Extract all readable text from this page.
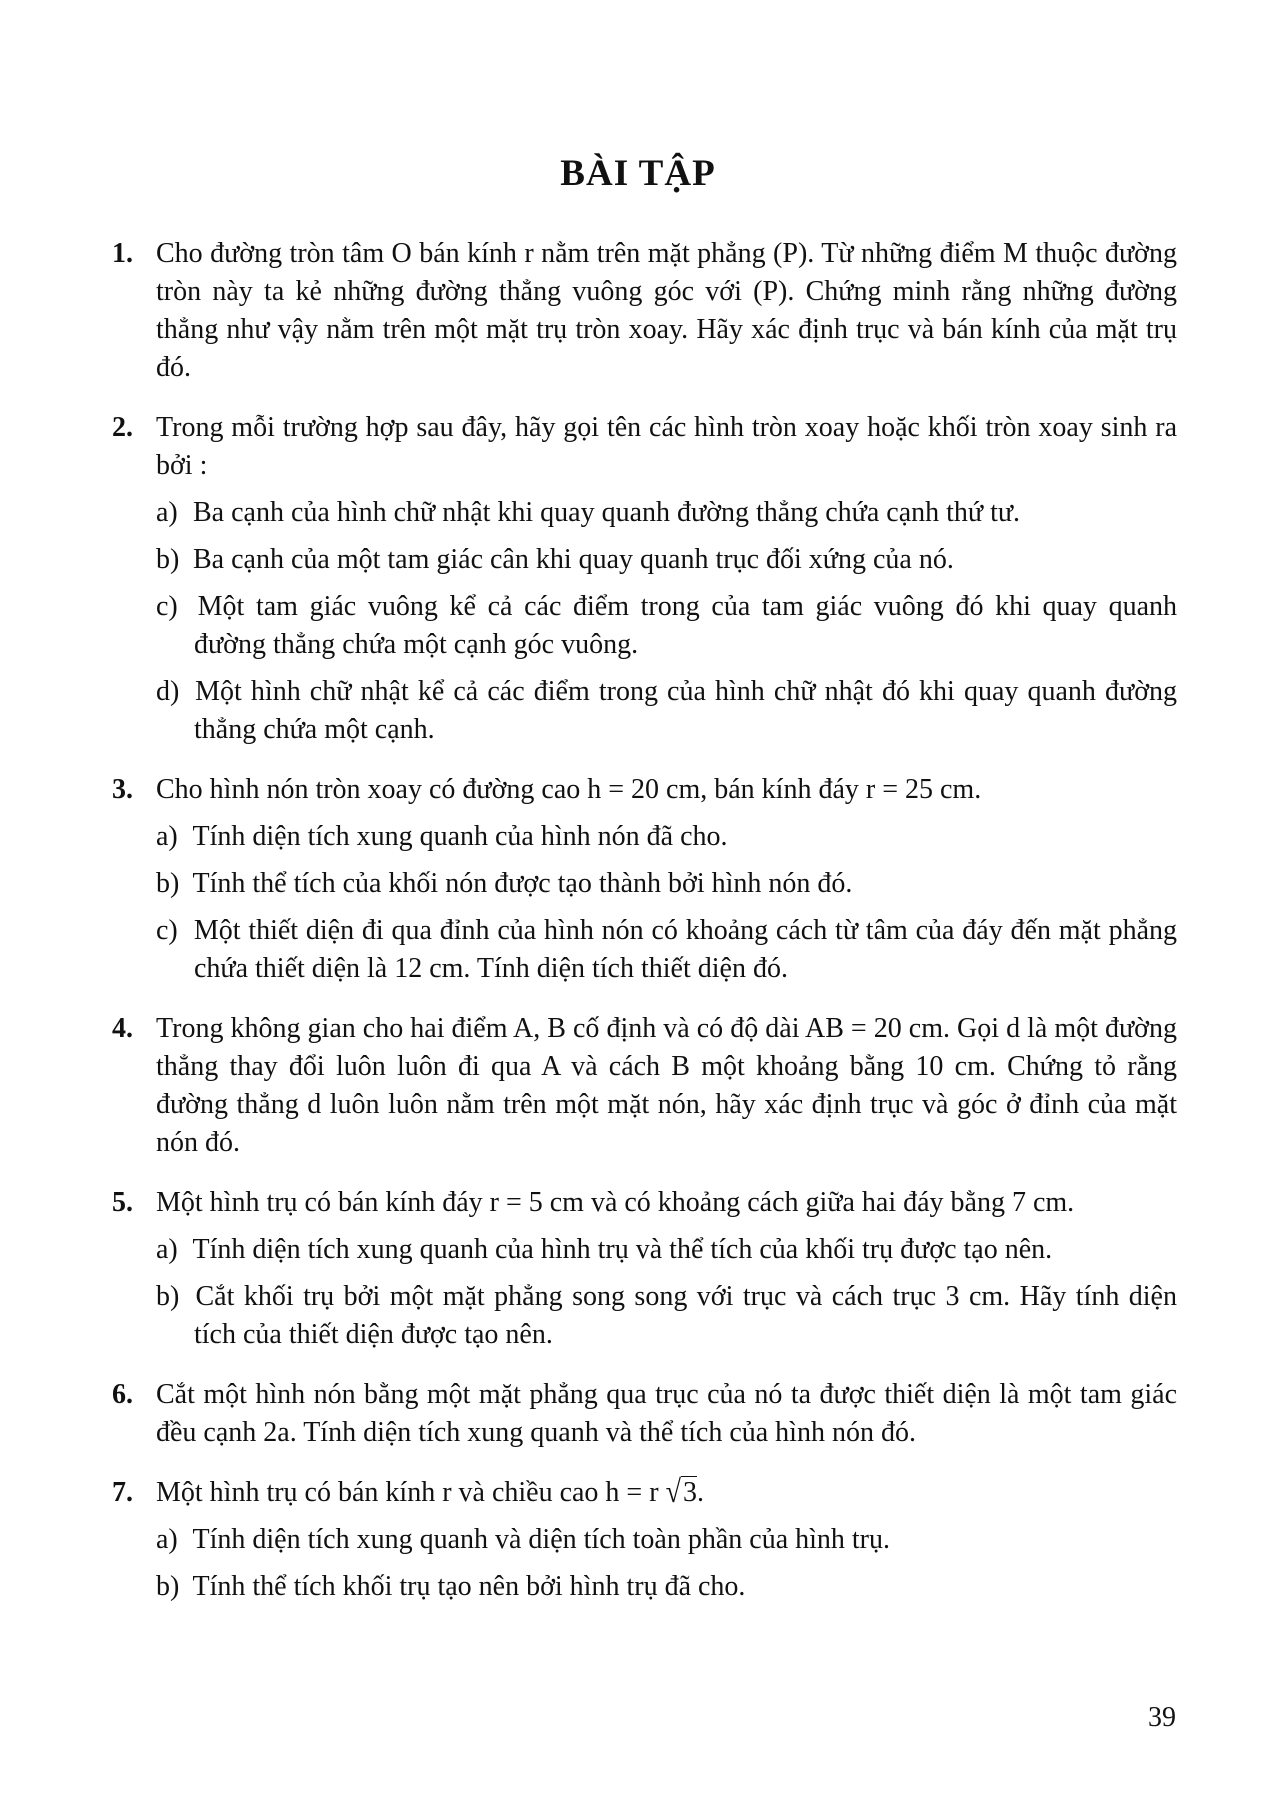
BÀI TẬP
1. Cho đường tròn tâm O bán kính r nằm trên mặt phẳng (P). Từ những điểm M thuộc đường tròn này ta kẻ những đường thẳng vuông góc với (P). Chứng minh rằng những đường thẳng như vậy nằm trên một mặt trụ tròn xoay. Hãy xác định trục và bán kính của mặt trụ đó.
2. Trong mỗi trường hợp sau đây, hãy gọi tên các hình tròn xoay hoặc khối tròn xoay sinh ra bởi :
a) Ba cạnh của hình chữ nhật khi quay quanh đường thẳng chứa cạnh thứ tư.
b) Ba cạnh của một tam giác cân khi quay quanh trục đối xứng của nó.
c) Một tam giác vuông kể cả các điểm trong của tam giác vuông đó khi quay quanh đường thẳng chứa một cạnh góc vuông.
d) Một hình chữ nhật kể cả các điểm trong của hình chữ nhật đó khi quay quanh đường thẳng chứa một cạnh.
3. Cho hình nón tròn xoay có đường cao h = 20 cm, bán kính đáy r = 25 cm.
a) Tính diện tích xung quanh của hình nón đã cho.
b) Tính thể tích của khối nón được tạo thành bởi hình nón đó.
c) Một thiết diện đi qua đỉnh của hình nón có khoảng cách từ tâm của đáy đến mặt phẳng chứa thiết diện là 12 cm. Tính diện tích thiết diện đó.
4. Trong không gian cho hai điểm A, B cố định và có độ dài AB = 20 cm. Gọi d là một đường thẳng thay đổi luôn luôn đi qua A và cách B một khoảng bằng 10 cm. Chứng tỏ rằng đường thẳng d luôn luôn nằm trên một mặt nón, hãy xác định trục và góc ở đỉnh của mặt nón đó.
5. Một hình trụ có bán kính đáy r = 5 cm và có khoảng cách giữa hai đáy bằng 7 cm.
a) Tính diện tích xung quanh của hình trụ và thể tích của khối trụ được tạo nên.
b) Cắt khối trụ bởi một mặt phẳng song song với trục và cách trục 3 cm. Hãy tính diện tích của thiết diện được tạo nên.
6. Cắt một hình nón bằng một mặt phẳng qua trục của nó ta được thiết diện là một tam giác đều cạnh 2a. Tính diện tích xung quanh và thể tích của hình nón đó.
7. Một hình trụ có bán kính r và chiều cao h = r √3.
a) Tính diện tích xung quanh và diện tích toàn phần của hình trụ.
b) Tính thể tích khối trụ tạo nên bởi hình trụ đã cho.
39
